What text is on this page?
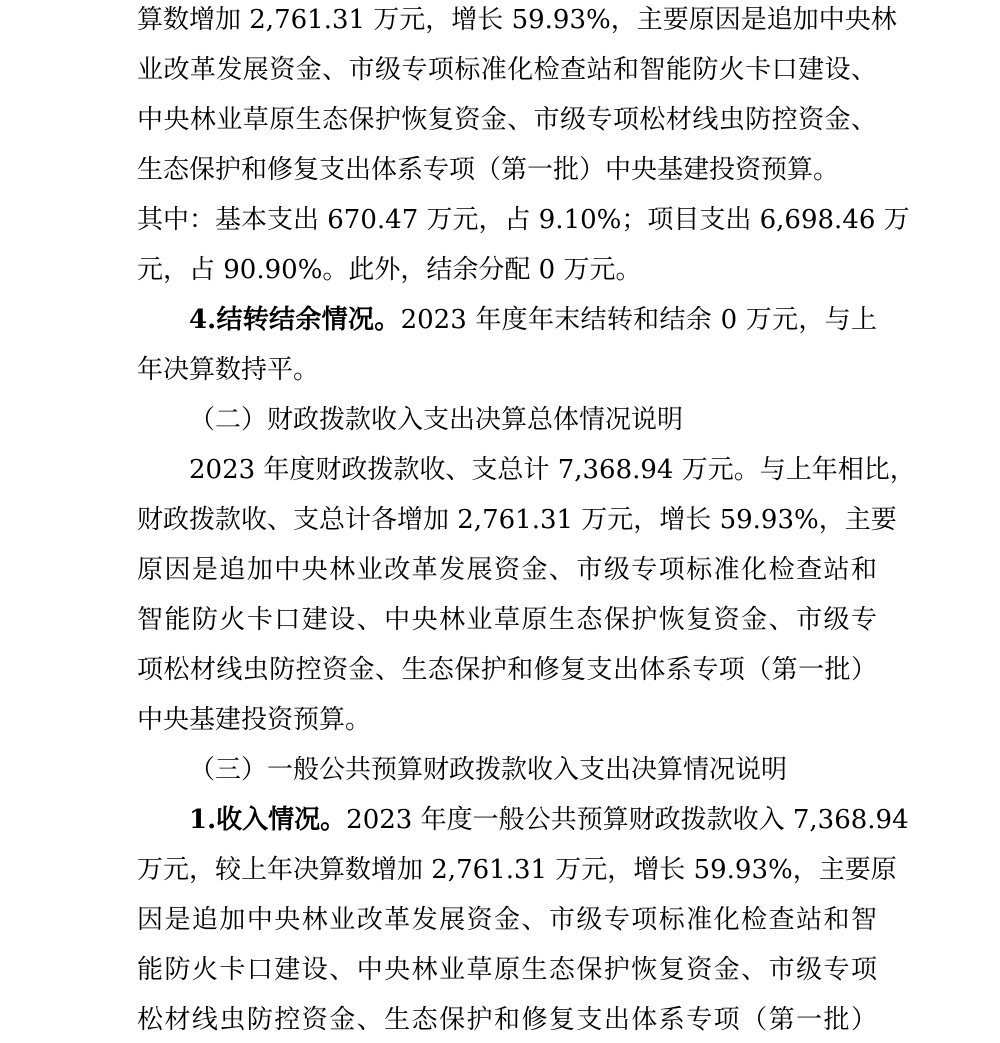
算数增加 2,761.31 万元，增长 59.93%，主要原因是追加中央林
业改革发展资金、市级专项标准化检查站和智能防火卡口建设、
中央林业草原生态保护恢复资金、市级专项松材线虫防控资金、
生态保护和修复支出体系专项（第一批）中央基建投资预算。
其中：基本支出 670.47 万元，占 9.10%；项目支出 6,698.46 万
元，占 90.90%。此外，结余分配 0 万元。
4.结转结余情况。2023 年度年末结转和结余 0 万元，与上
年决算数持平。
（二）财政拨款收入支出决算总体情况说明
2023 年度财政拨款收、支总计 7,368.94 万元。与上年相比，
财政拨款收、支总计各增加 2,761.31 万元，增长 59.93%，主要
原因是追加中央林业改革发展资金、市级专项标准化检查站和
智能防火卡口建设、中央林业草原生态保护恢复资金、市级专
项松材线虫防控资金、生态保护和修复支出体系专项（第一批）
中央基建投资预算。
（三）一般公共预算财政拨款收入支出决算情况说明
1.收入情况。2023 年度一般公共预算财政拨款收入 7,368.94
万元，较上年决算数增加 2,761.31 万元，增长 59.93%，主要原
因是追加中央林业改革发展资金、市级专项标准化检查站和智
能防火卡口建设、中央林业草原生态保护恢复资金、市级专项
松材线虫防控资金、生态保护和修复支出体系专项（第一批）
